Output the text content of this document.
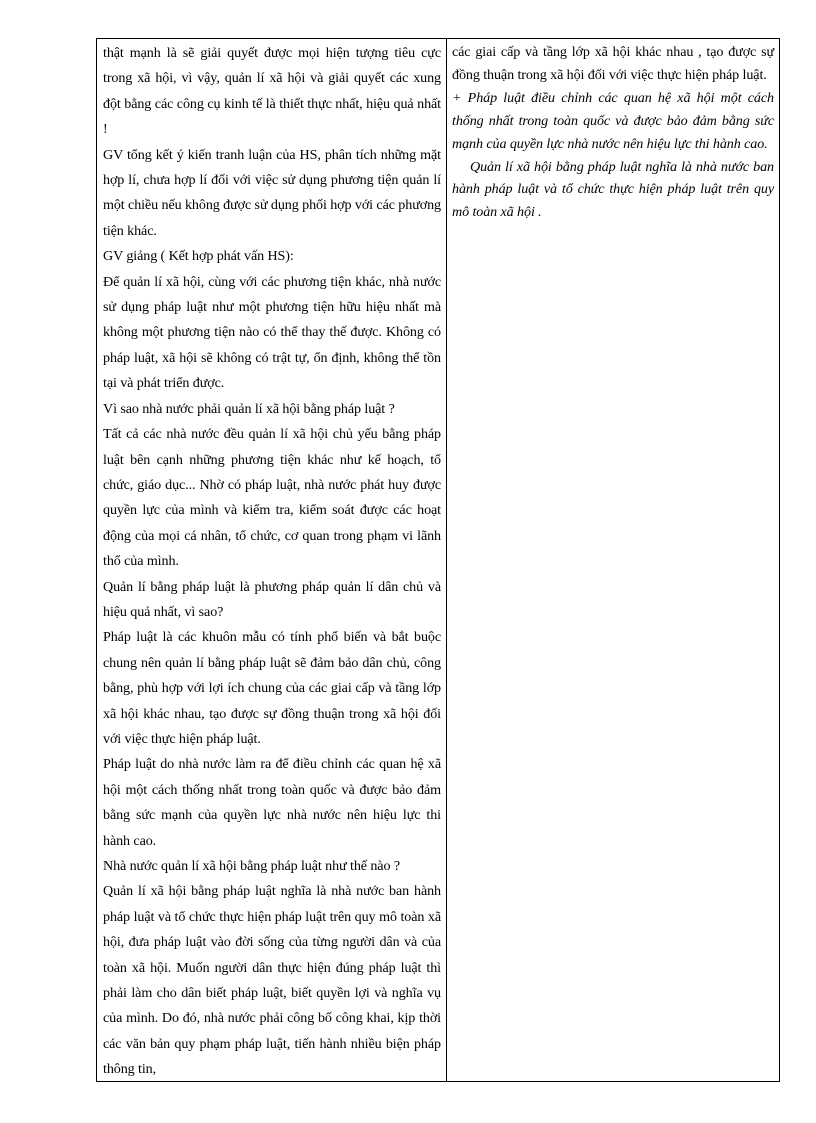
thật mạnh là sẽ giải quyết được mọi hiện tượng tiêu cực trong xã hội, vì vậy, quản lí xã hội và giải quyết các xung đột bằng các công cụ kinh tế là thiết thực nhất, hiệu quả nhất !

GV tổng kết ý kiến tranh luận của HS, phân tích những mặt hợp lí, chưa hợp lí đối với việc sử dụng phương tiện quản lí một chiều nếu không được sử dụng phối hợp với các phương tiện khác.

GV giảng ( Kết hợp phát vấn HS):

Để quản lí xã hội, cùng với các phương tiện khác, nhà nước sử dụng pháp luật như một phương tiện hữu hiệu nhất mà không một phương tiện nào có thể thay thế được. Không có pháp luật, xã hội sẽ không có trật tự, ổn định, không thể tồn tại và phát triển được.

Vì sao nhà nước phải quản lí xã hội bằng pháp luật ?

Tất cả các nhà nước đều quản lí xã hội chủ yếu bằng pháp luật bên cạnh những phương tiện khác như kế hoạch, tổ chức, giáo dục... Nhờ có pháp luật, nhà nước phát huy được quyền lực của mình và kiểm tra, kiểm soát được các hoạt động của mọi cá nhân, tổ chức, cơ quan trong phạm vi lãnh thổ của mình.

Quản lí bằng pháp luật là phương pháp quản lí dân chủ và hiệu quả nhất, vì sao?

Pháp luật là các khuôn mẫu có tính phổ biến và bắt buộc chung nên quản lí bằng pháp luật sẽ đảm bảo dân chủ, công bằng, phù hợp với lợi ích chung của các giai cấp và tầng lớp xã hội khác nhau, tạo được sự đồng thuận trong xã hội đối với việc thực hiện pháp luật.

Pháp luật do nhà nước làm ra để điều chỉnh các quan hệ xã hội một cách thống nhất trong toàn quốc và được bảo đảm bằng sức mạnh của quyền lực nhà nước nên hiệu lực thi hành cao.

Nhà nước quản lí xã hội bằng pháp luật như thế nào ?

Quản lí xã hội bằng pháp luật nghĩa là nhà nước ban hành pháp luật và tổ chức thực hiện pháp luật trên quy mô toàn xã hội, đưa pháp luật vào đời sống của từng người dân và của toàn xã hội. Muốn người dân thực hiện đúng pháp luật thì phải làm cho dân biết pháp luật, biết quyền lợi và nghĩa vụ của mình. Do đó, nhà nước phải công bố công khai, kịp thời các văn bản quy phạm pháp luật, tiến hành nhiều biện pháp thông tin,

các giai cấp và tầng lớp xã hội khác nhau , tạo được sự đồng thuận trong xã hội đối với việc thực hiện pháp luật.

+ Pháp luật điều chỉnh các quan hệ xã hội một cách thống nhất trong toàn quốc và được bảo đảm bằng sức mạnh của quyền lực nhà nước nên hiệu lực thi hành cao.

Quản lí xã hội bằng pháp luật nghĩa là nhà nước ban hành pháp luật và tổ chức thực hiện pháp luật trên quy mô toàn xã hội .
